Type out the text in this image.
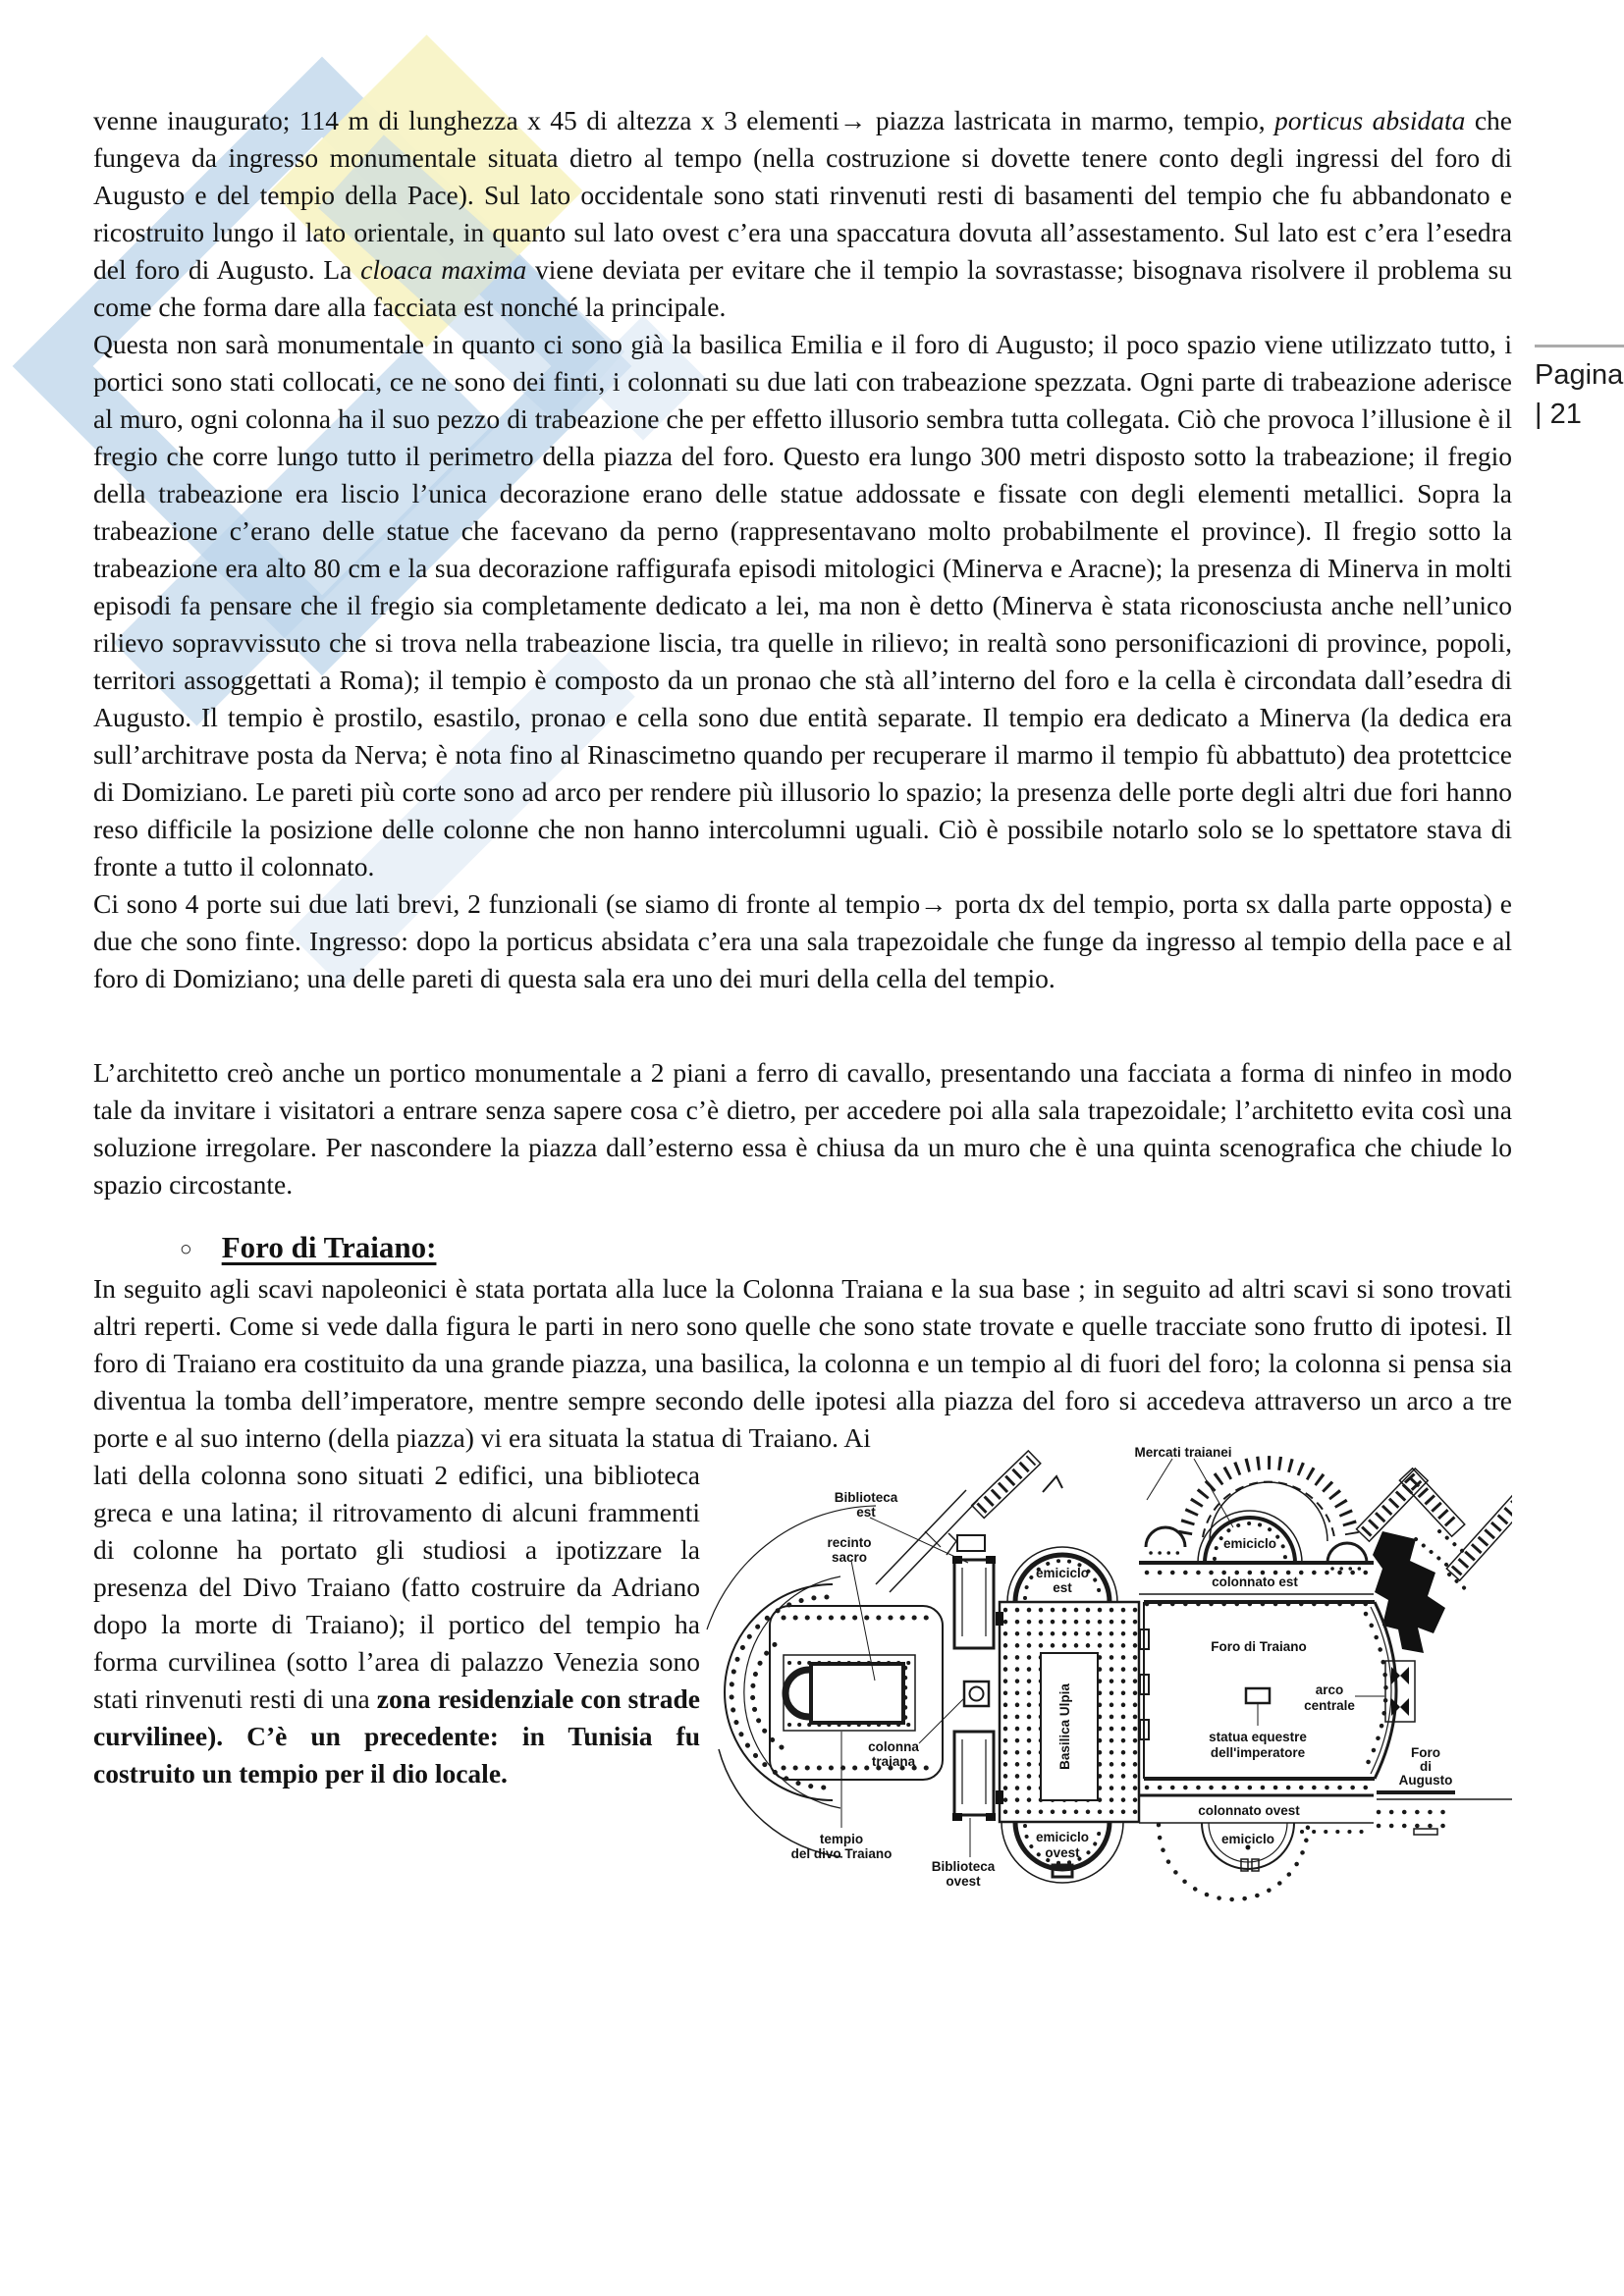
Pagina
| 21

venne inaugurato; 114 m di lunghezza x 45 di altezza x 3 elementi→ piazza lastricata in marmo, tempio, porticus absidata che fungeva da ingresso monumentale situata dietro al tempo (nella costruzione si dovette tenere conto degli ingressi del foro di Augusto e del tempio della Pace). Sul lato occidentale sono stati rinvenuti resti di basamenti del tempio che fu abbandonato e ricostruito lungo il lato orientale, in quanto sul lato ovest c’era una spaccatura dovuta all’assestamento. Sul lato est c’era l’esedra del foro di Augusto. La cloaca maxima viene deviata per evitare che il tempio la sovrastasse; bisognava risolvere il problema su come che forma dare alla facciata est nonché la principale.

Questa non sarà monumentale in quanto ci sono già la basilica Emilia e il foro di Augusto; il poco spazio viene utilizzato tutto, i portici sono stati collocati, ce ne sono dei finti, i colonnati su due lati con trabeazione spezzata. Ogni parte di trabeazione aderisce al muro, ogni colonna ha il suo pezzo di trabeazione che per effetto illusorio sembra tutta collegata. Ciò che provoca l’illusione è il fregio che corre lungo tutto il perimetro della piazza del foro. Questo era lungo 300 metri disposto sotto la trabeazione; il fregio della trabeazione era liscio l’unica decorazione erano delle statue addossate e fissate con degli elementi metallici. Sopra la trabeazione c’erano delle statue che facevano da perno (rappresentavano molto probabilmente el province). Il fregio sotto la trabeazione era alto 80 cm e la sua decorazione raffigurafa episodi mitologici (Minerva e Aracne); la presenza di Minerva in molti episodi fa pensare che il fregio sia completamente dedicato a lei, ma non è detto (Minerva è stata riconosciusta anche nell’unico rilievo sopravvissuto che si trova nella trabeazione liscia, tra quelle in rilievo; in realtà sono personificazioni di province, popoli, territori assoggettati a Roma); il tempio è composto da un pronao che stà all’interno del foro e la cella è circondata dall’esedra di Augusto. Il tempio è prostilo, esastilo, pronao e cella sono due entità separate. Il tempio era dedicato a Minerva (la dedica era sull’architrave posta da Nerva; è nota fino al Rinascimetno quando per recuperare il marmo il tempio fù abbattuto) dea protettcice di Domiziano. Le pareti più corte sono ad arco per rendere più illusorio lo spazio; la presenza delle porte degli altri due fori hanno reso difficile la posizione delle colonne che non hanno intercolumni uguali. Ciò è possibile notarlo solo se lo spettatore stava di fronte a tutto il colonnato.

Ci sono 4 porte sui due lati brevi, 2 funzionali (se siamo di fronte al tempio→ porta dx del tempio, porta sx dalla parte opposta) e due che sono finte. Ingresso: dopo la porticus absidata c’era una sala trapezoidale che funge da ingresso al tempio della pace e al foro di Domiziano; una delle pareti di questa sala era uno dei muri della cella del tempio.

L’architetto creò anche un portico monumentale a 2 piani a ferro di cavallo, presentando una facciata a forma di ninfeo in modo tale da invitare i visitatori a entrare senza sapere cosa c’è dietro, per accedere poi alla sala trapezoidale; l’architetto evita così una soluzione irregolare. Per nascondere la piazza dall’esterno essa è chiusa da un muro che è una quinta scenografica che chiude lo spazio circostante.

○ Foro di Traiano:

In seguito agli scavi napoleonici è stata portata alla luce la Colonna Traiana e la sua base ; in seguito ad altri scavi si sono trovati altri reperti. Come si vede dalla figura le parti in nero sono quelle che sono state trovate e quelle tracciate sono frutto di ipotesi. Il foro di Traiano era costituito da una grande piazza, una basilica, la colonna e un tempio al di fuori del foro; la colonna si pensa sia diventua la tomba dell’imperatore, mentre sempre secondo delle ipotesi alla piazza del foro si accedeva attraverso un arco a tre porte e al suo interno (della piazza) vi era situata la statua di Traiano. Ai

lati della colonna sono situati 2 edifici, una biblioteca greca e una latina; il ritrovamento di alcuni frammenti di colonne ha portato gli studiosi a ipotizzare la presenza del Divo Traiano (fatto costruire da Adriano dopo la morte di Traiano); il portico del tempio ha forma curvilinea (sotto l’area di palazzo Venezia sono stati rinvenuti resti di una zona residenziale con strade curvilinee). C’è un precedente: in Tunisia fu costruito un tempio per il dio locale.

Mercati traianei
Biblioteca
est
recinto
sacro
emiciclo
est
emiciclo
colonnato est
Basilica Ulpia
Foro di Traiano
statua equestre
dell'imperatore
arco
centrale
Foro
di
Augusto
colonnato ovest
emiciclo
ovest
emiciclo
colonna
traiana
tempio
del divo Traiano
Biblioteca
ovest
